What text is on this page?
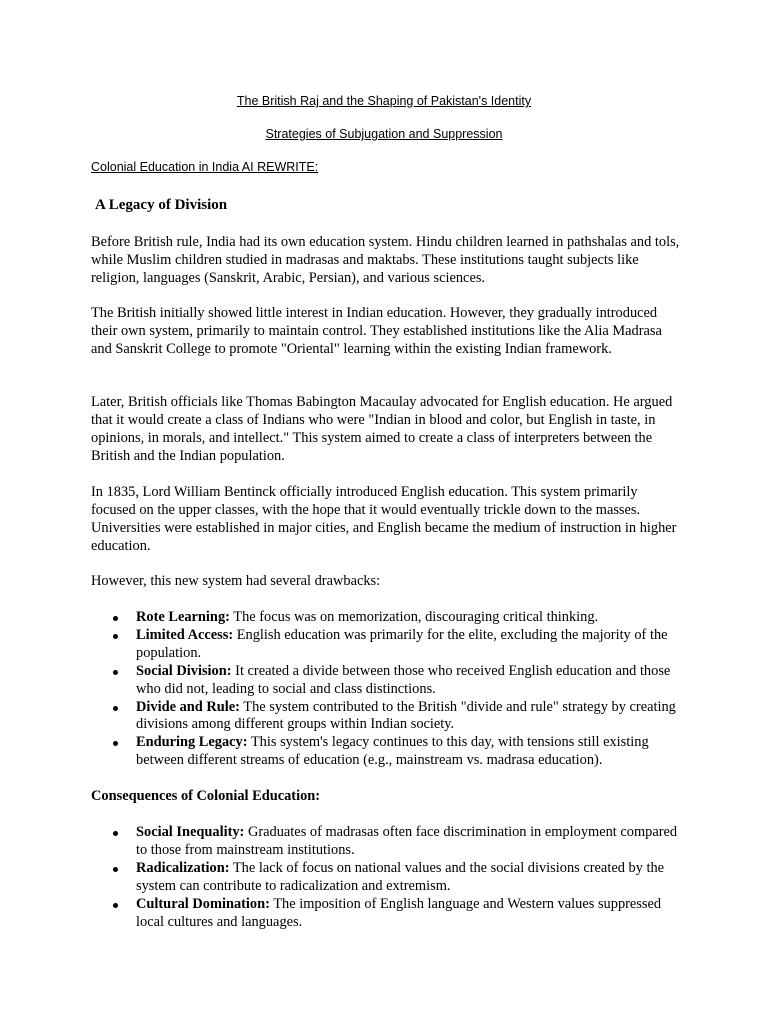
The British Raj and the Shaping of Pakistan's Identity
Strategies of Subjugation and Suppression
Colonial Education in India AI REWRITE:
A Legacy of Division

Before British rule, India had its own education system. Hindu children learned in pathshalas and tols, while Muslim children studied in madrasas and maktabs. These institutions taught subjects like religion, languages (Sanskrit, Arabic, Persian), and various sciences.

The British initially showed little interest in Indian education. However, they gradually introduced their own system, primarily to maintain control. They established institutions like the Alia Madrasa and Sanskrit College to promote "Oriental" learning within the existing Indian framework.

Later, British officials like Thomas Babington Macaulay advocated for English education. He argued that it would create a class of Indians who were "Indian in blood and color, but English in taste, in opinions, in morals, and intellect." This system aimed to create a class of interpreters between the British and the Indian population.

In 1835, Lord William Bentinck officially introduced English education. This system primarily focused on the upper classes, with the hope that it would eventually trickle down to the masses. Universities were established in major cities, and English became the medium of instruction in higher education.

However, this new system had several drawbacks:

Rote Learning: The focus was on memorization, discouraging critical thinking.
Limited Access: English education was primarily for the elite, excluding the majority of the population.
Social Division: It created a divide between those who received English education and those who did not, leading to social and class distinctions.
Divide and Rule: The system contributed to the British "divide and rule" strategy by creating divisions among different groups within Indian society.
Enduring Legacy: This system's legacy continues to this day, with tensions still existing between different streams of education (e.g., mainstream vs. madrasa education).
Consequences of Colonial Education:
Social Inequality: Graduates of madrasas often face discrimination in employment compared to those from mainstream institutions.
Radicalization: The lack of focus on national values and the social divisions created by the system can contribute to radicalization and extremism.
Cultural Domination: The imposition of English language and Western values suppressed local cultures and languages.
